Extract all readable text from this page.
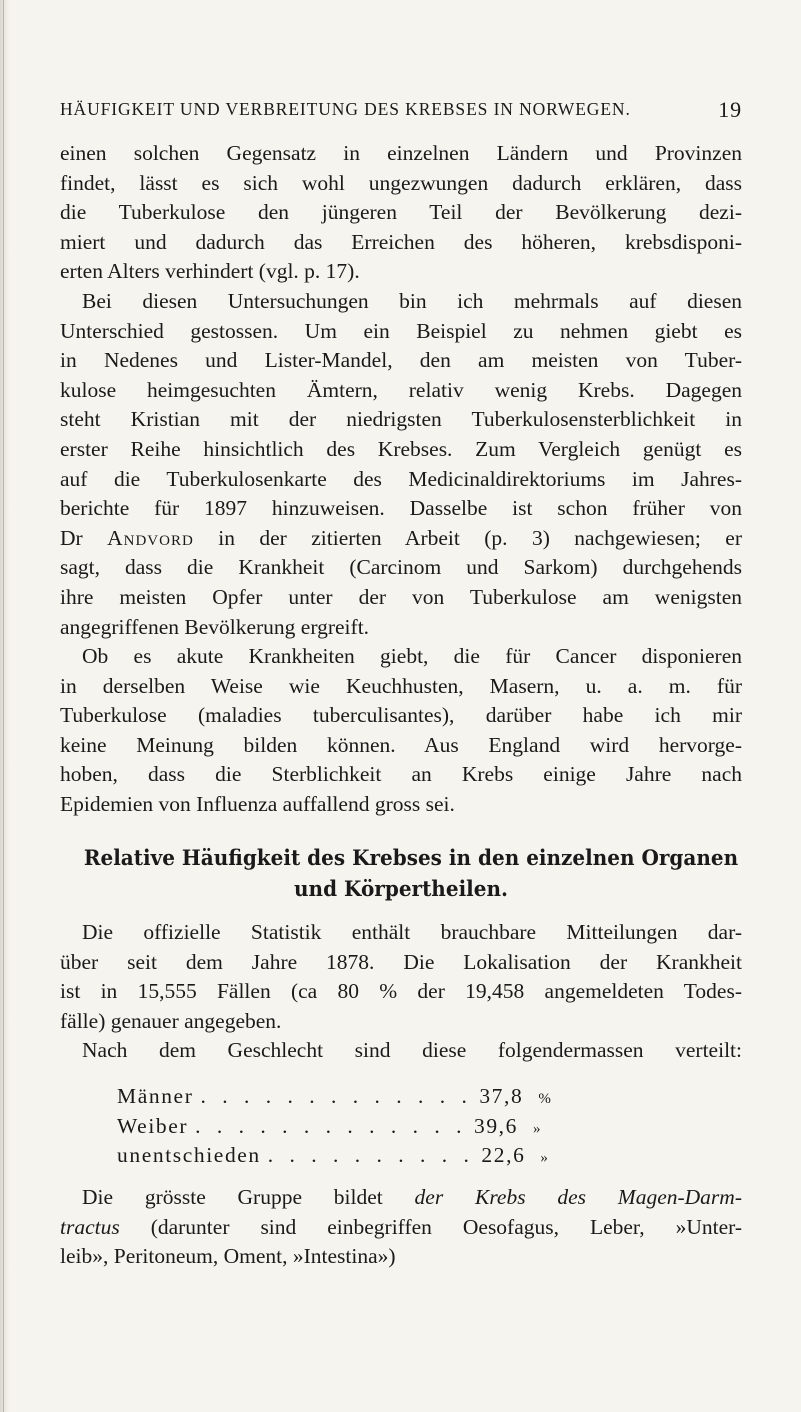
HÄUFIGKEIT UND VERBREITUNG DES KREBSES IN NORWEGEN.	19
einen solchen Gegensatz in einzelnen Ländern und Provinzen
findet, lässt es sich wohl ungezwungen dadurch erklären, dass
die Tuberkulose den jüngeren Teil der Bevölkerung dezi-
miert und dadurch das Erreichen des höheren, krebsdisponi-
erten Alters verhindert (vgl. p. 17).
Bei diesen Untersuchungen bin ich mehrmals auf diesen
Unterschied gestossen. Um ein Beispiel zu nehmen giebt es
in Nedenes und Lister-Mandel, den am meisten von Tuber-
kulose heimgesuchten Ämtern, relativ wenig Krebs. Dagegen
steht Kristian mit der niedrigsten Tuberkulosensterblichkeit in
erster Reihe hinsichtlich des Krebses. Zum Vergleich genügt es
auf die Tuberkulosenkarte des Medicinaldirektoriums im Jahres-
berichte für 1897 hinzuweisen. Dasselbe ist schon früher von
Dr Andvord in der zitierten Arbeit (p. 3) nachgewiesen; er
sagt, dass die Krankheit (Carcinom und Sarkom) durchgehends
ihre meisten Opfer unter der von Tuberkulose am wenigsten
angegriffenen Bevölkerung ergreift.
Ob es akute Krankheiten giebt, die für Cancer disponieren
in derselben Weise wie Keuchhusten, Masern, u. a. m. für
Tuberkulose (maladies tuberculisantes), darüber habe ich mir
keine Meinung bilden können. Aus England wird hervorge-
hoben, dass die Sterblichkeit an Krebs einige Jahre nach
Epidemien von Influenza auffallend gross sei.
Relative Häufigkeit des Krebses in den einzelnen Organen
und Körpertheilen.
Die offizielle Statistik enthält brauchbare Mitteilungen dar-
über seit dem Jahre 1878. Die Lokalisation der Krankheit
ist in 15,555 Fällen (ca 80 % der 19,458 angemeldeten Todes-
fälle) genauer angegeben.
Nach dem Geschlecht sind diese folgendermassen verteilt:
Männer . . . . . . . . . . . . . 37,8 %
Weiber . . . . . . . . . . . . . 39,6 »
unentschieden . . . . . . . . . . 22,6 »
Die grösste Gruppe bildet der Krebs des Magen-Darm-
tractus (darunter sind einbegriffen Oesofagus, Leber, »Unter-
leib», Peritoneum, Oment, »Intestina»)
